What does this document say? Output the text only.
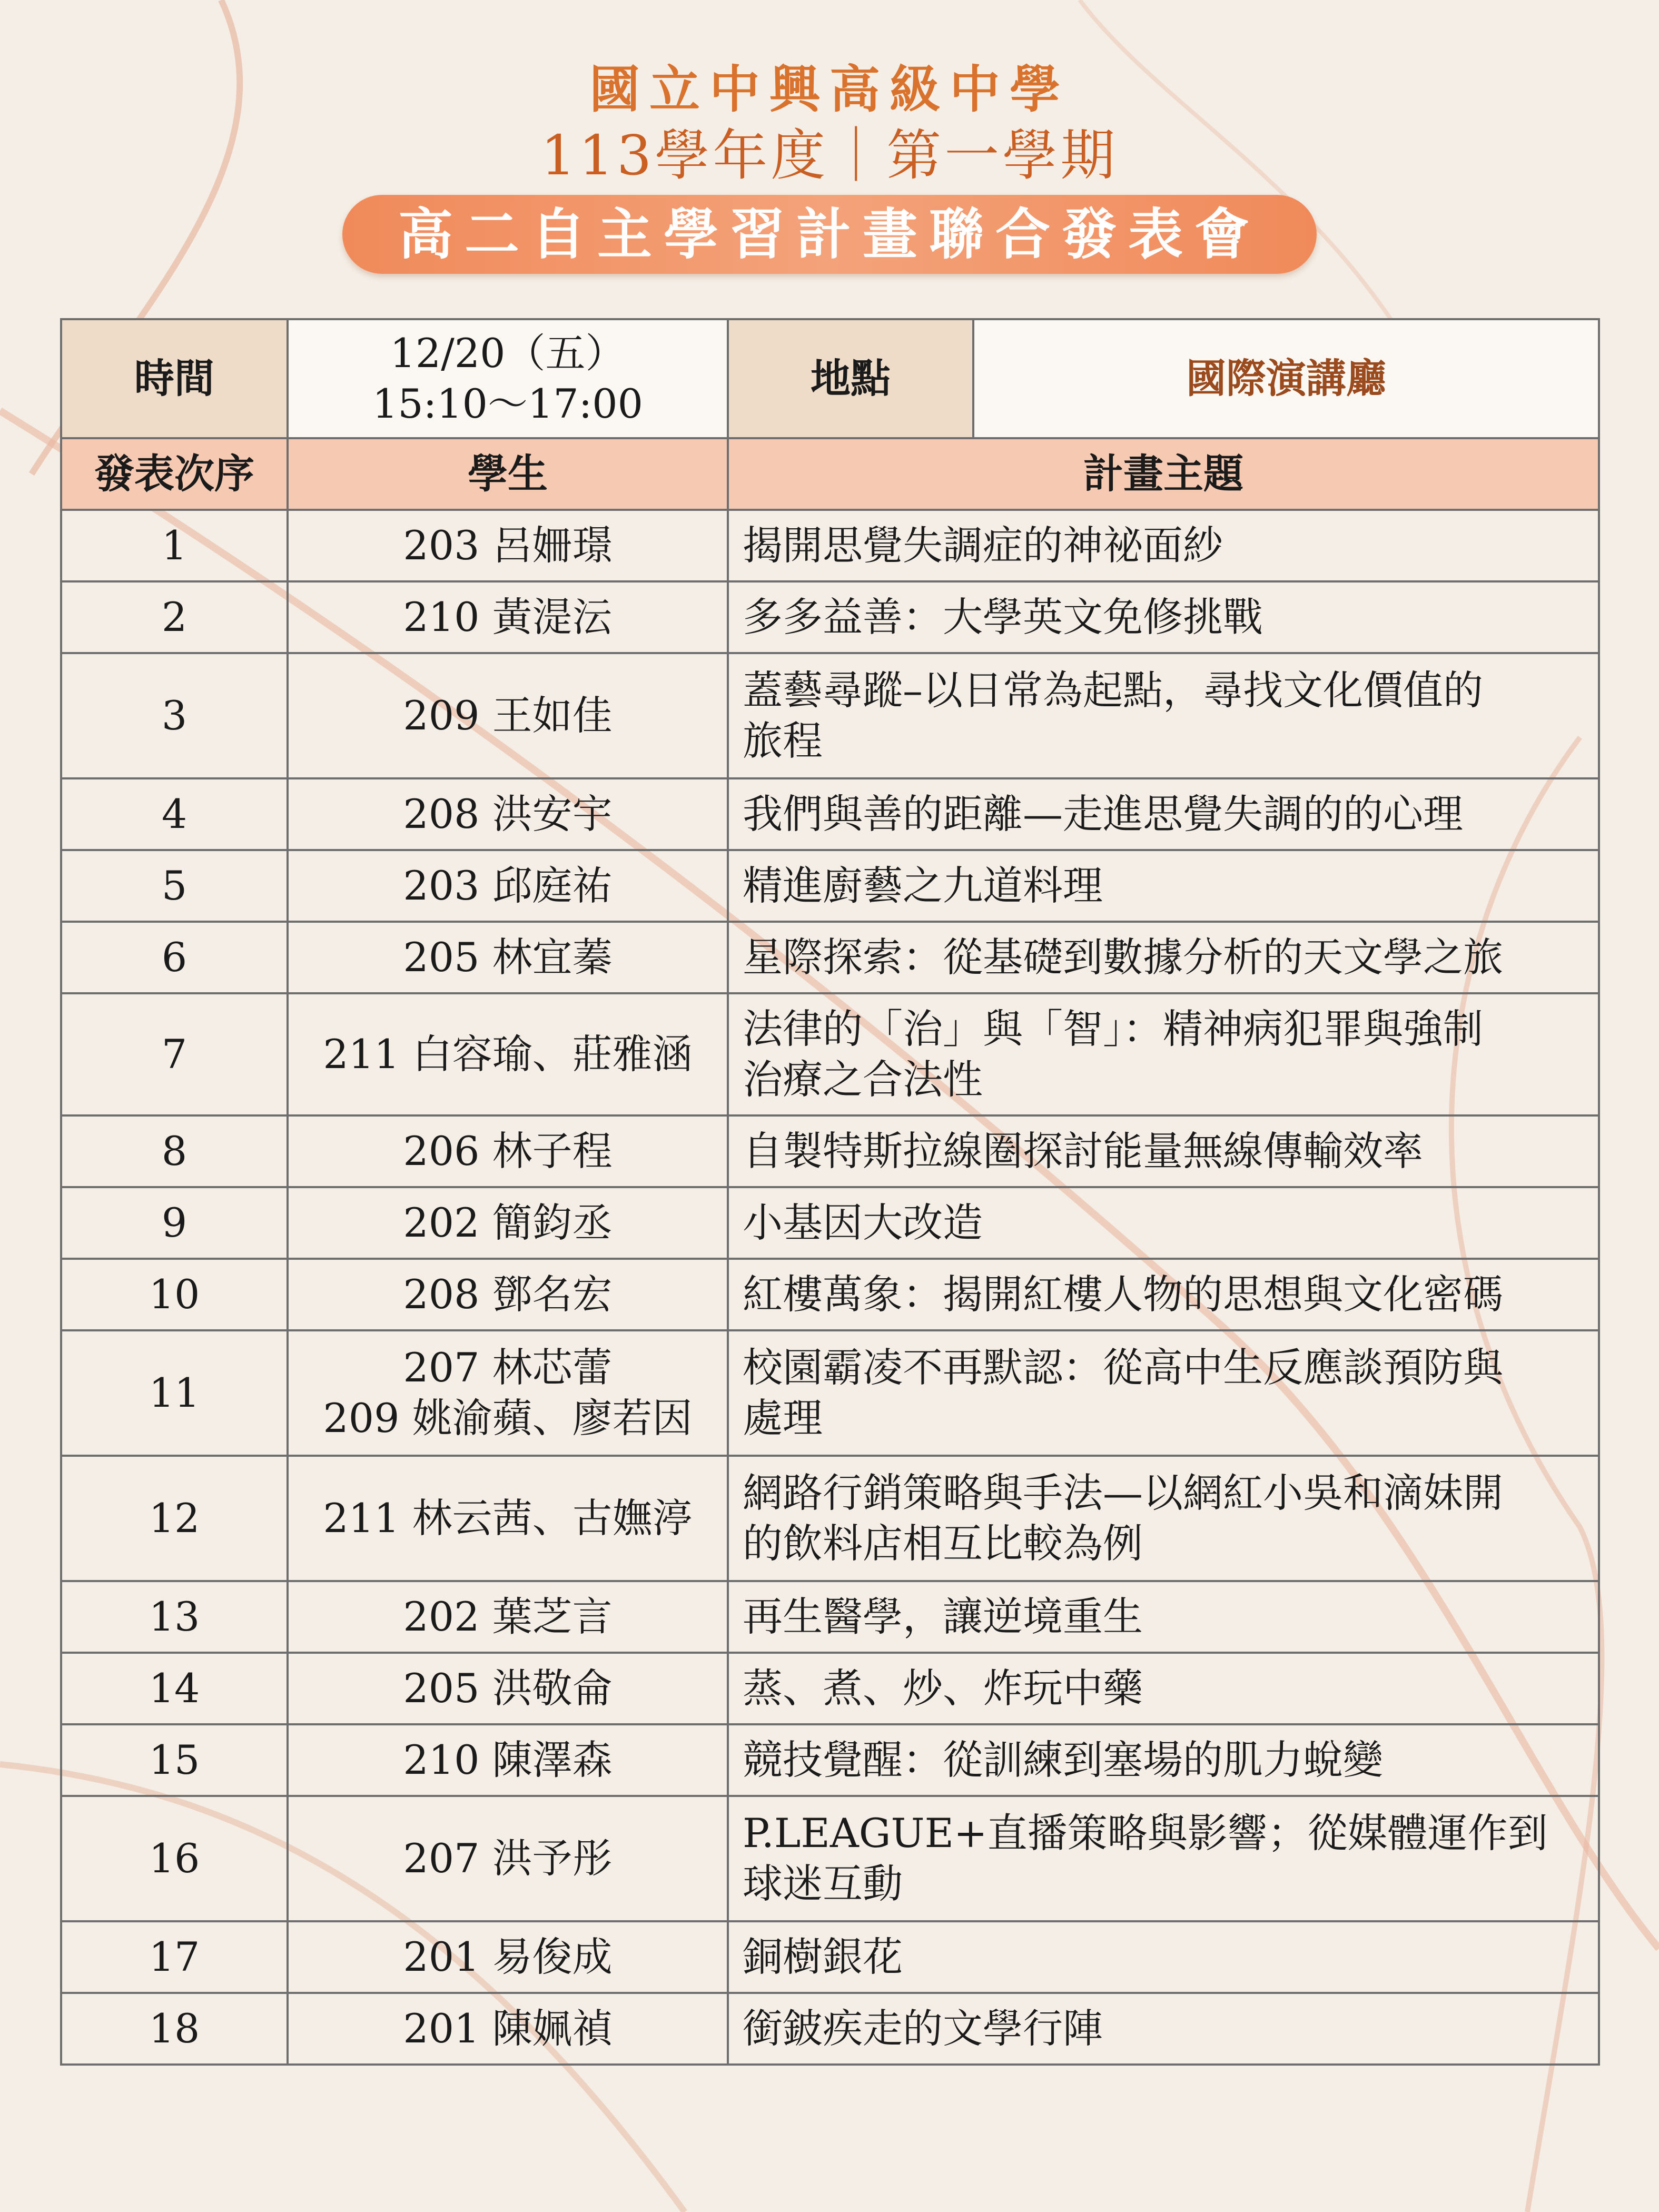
國立中興高級中學
113學年度｜第一學期
高二自主學習計畫聯合發表會
時間	12/20（五）
15:10～17:00	地點	國際演講廳
發表次序	學生	計畫主題	
1	203 呂姍璟	揭開思覺失調症的神祕面紗	

2	210 黃湜沄	多多益善：大學英文免修挑戰	

3	209 王如佳	蓋藝尋蹤–以日常為起點，尋找文化價值的
旅程	

4	208 洪安宇	我們與善的距離—走進思覺失調的的心理	

5	203 邱庭祐	精進廚藝之九道料理	

6	205 林宜蓁	星際探索：從基礎到數據分析的天文學之旅	

7	211 白容瑜、莊雅涵	法律的「治」與「智」：精神病犯罪與強制
治療之合法性	

8	206 林子程	自製特斯拉線圈探討能量無線傳輸效率	

9	202 簡鈞丞	小基因大改造	

10	208 鄧名宏	紅樓萬象：揭開紅樓人物的思想與文化密碼	

11	207 林芯蕾
209 姚渝蘋、廖若因	校園霸凌不再默認：從高中生反應談預防與
處理	

12	211 林云茜、古嫵渟	網路行銷策略與手法—以網紅小吳和滴妹開
的飲料店相互比較為例	

13	202 葉芝言	再生醫學，讓逆境重生	

14	205 洪敬侖	蒸、煮、炒、炸玩中藥	

15	210 陳澤森	競技覺醒：從訓練到塞場的肌力蛻變	

16	207 洪予彤	P.LEAGUE+直播策略與影響；從媒體運作到
球迷互動	

17	201 易俊成	銅樹銀花	

18	201 陳姵禎	銜鈹疾走的文學行陣	
